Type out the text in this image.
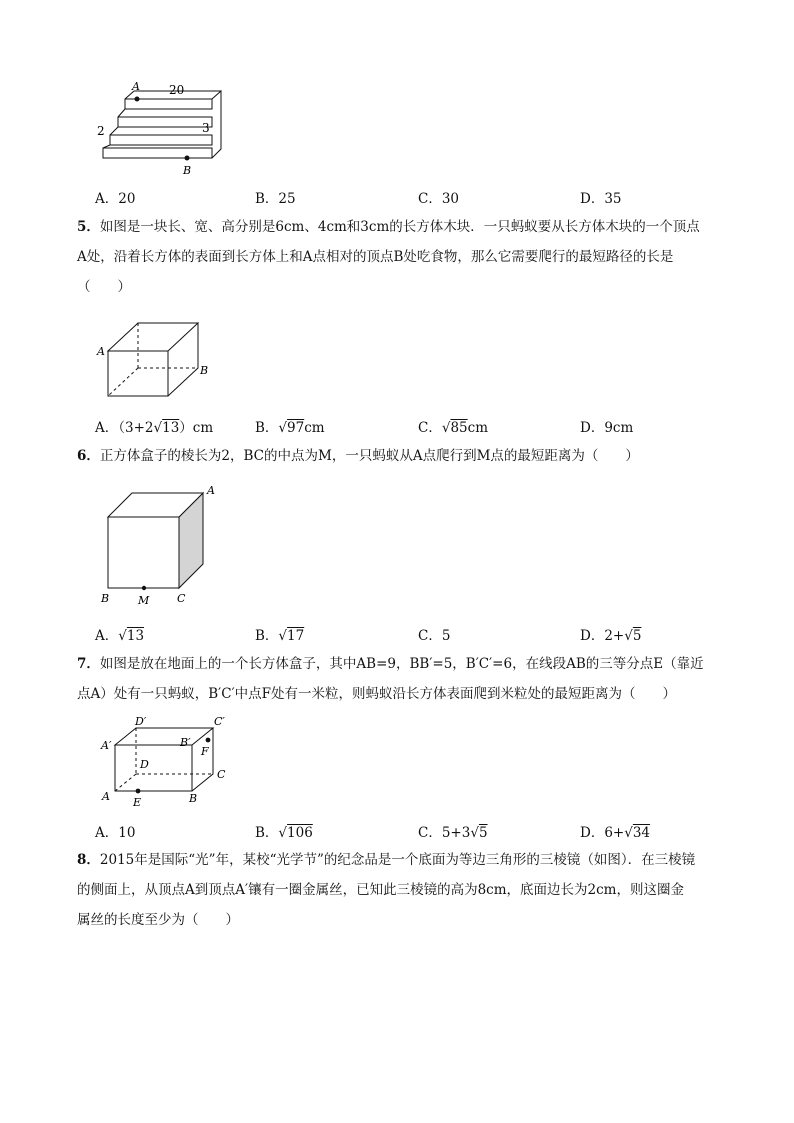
A 20
2	3
B
A．20	B．25	C．30	D．35
5．如图是一块长、宽、高分别是6cm、4cm和3cm的长方体木块．一只蚂蚁要从长方体木块的一个顶点
A处，沿着长方体的表面到长方体上和A点相对的顶点B处吃食物，那么它需要爬行的最短路径的长是
（　　）
A
B
A．（3+2√13）cm	B．√97cm	C．√85cm	D．9cm
6．正方体盒子的棱长为2，BC的中点为M，一只蚂蚁从A点爬行到M点的最短距离为（　　）
A
B	M	C
A．√13	B．√17	C．5	D．2+√5
7．如图是放在地面上的一个长方体盒子，其中AB=9，BB′=5，B′C′=6，在线段AB的三等分点E（靠近
点A）处有一只蚂蚁，B′C′中点F处有一米粒，则蚂蚁沿长方体表面爬到米粒处的最短距离为（　　）
D′	C′
A′	B′
F
D
C
A E	B
A．10	B．√106	C．5+3√5	D．6+√34
8．2015年是国际“光”年，某校“光学节”的纪念品是一个底面为等边三角形的三棱镜（如图）．在三棱镜
的侧面上，从顶点A到顶点A′镶有一圈金属丝，已知此三棱镜的高为8cm，底面边长为2cm，则这圈金
属丝的长度至少为（　　）
